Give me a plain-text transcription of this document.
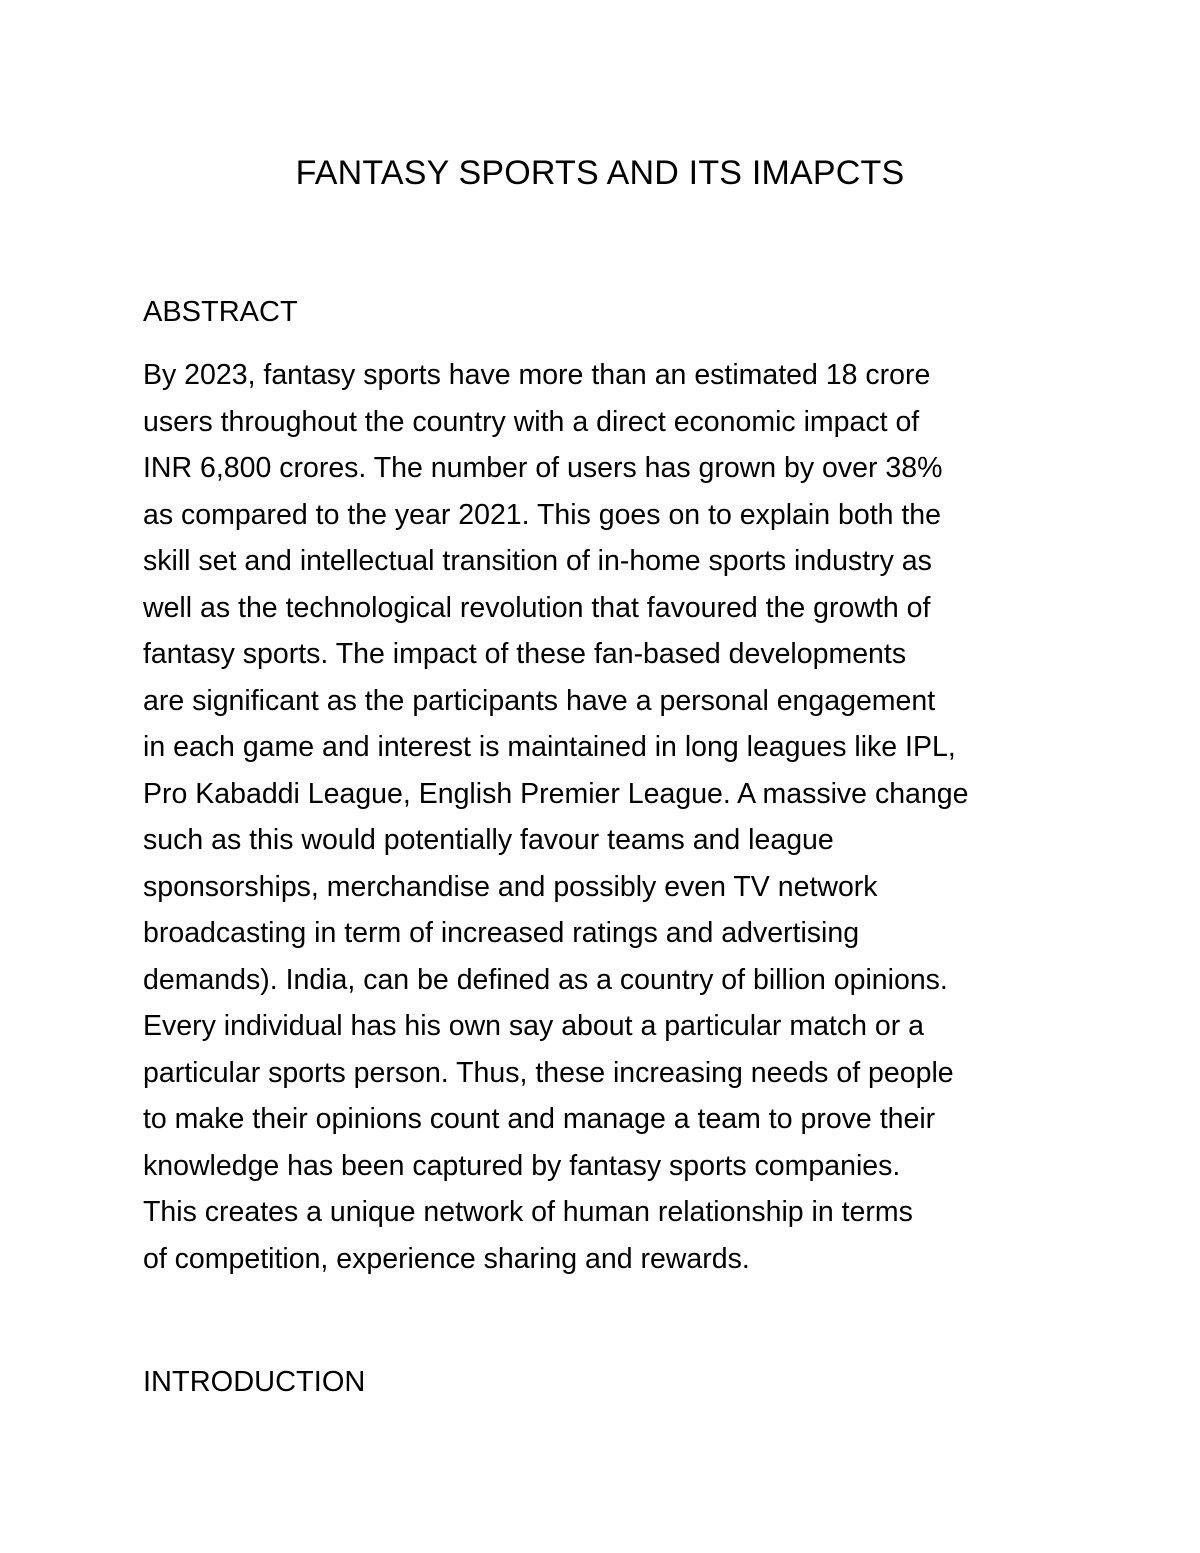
FANTASY SPORTS AND ITS IMAPCTS
ABSTRACT
By 2023, fantasy sports have more than an estimated 18 crore
users throughout the country with a direct economic impact of
INR 6,800 crores. The number of users has grown by over 38%
as compared to the year 2021. This goes on to explain both the
skill set and intellectual transition of in-home sports industry as
well as the technological revolution that favoured the growth of
fantasy sports. The impact of these fan-based developments
are significant as the participants have a personal engagement
in each game and interest is maintained in long leagues like IPL,
Pro Kabaddi League, English Premier League. A massive change
such as this would potentially favour teams and league
sponsorships, merchandise and possibly even TV network
broadcasting in term of increased ratings and advertising
demands). India, can be defined as a country of billion opinions.
Every individual has his own say about a particular match or a
particular sports person. Thus, these increasing needs of people
to make their opinions count and manage a team to prove their
knowledge has been captured by fantasy sports companies.
This creates a unique network of human relationship in terms
of competition, experience sharing and rewards.
INTRODUCTION
